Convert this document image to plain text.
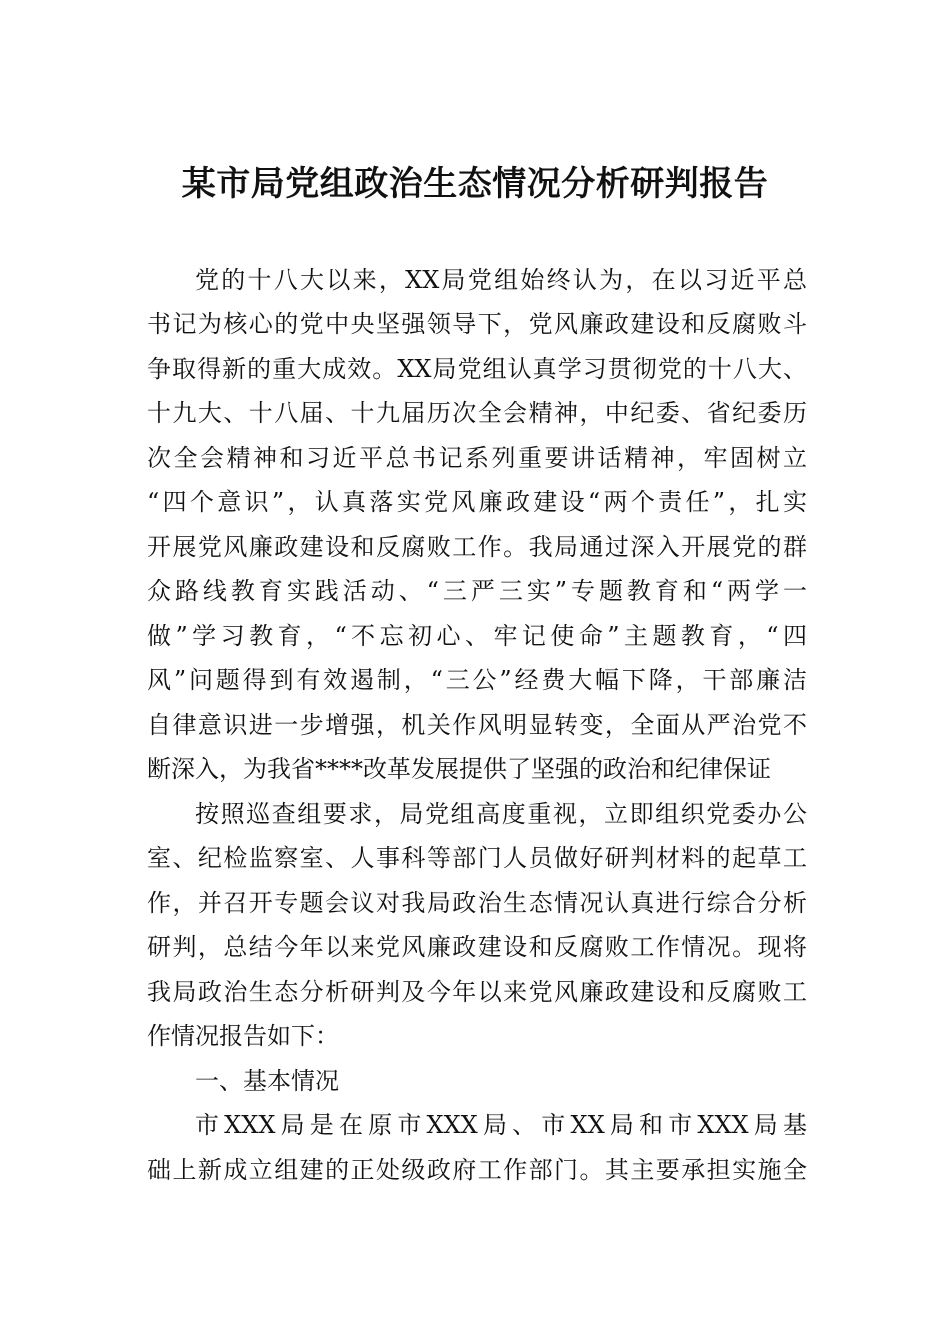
某市局党组政治生态情况分析研判报告
党的十八大以来，XX局党组始终认为，在以习近平总
书记为核心的党中央坚强领导下，党风廉政建设和反腐败斗
争取得新的重大成效。XX局党组认真学习贯彻党的十八大、
十九大、十八届、十九届历次全会精神，中纪委、省纪委历
次全会精神和习近平总书记系列重要讲话精神，牢固树立
“四个意识”，认真落实党风廉政建设“两个责任”，扎实
开展党风廉政建设和反腐败工作。我局通过深入开展党的群
众路线教育实践活动、“三严三实”专题教育和“两学一
做”学习教育，“不忘初心、牢记使命”主题教育，“四
风”问题得到有效遏制，“三公”经费大幅下降，干部廉洁
自律意识进一步增强，机关作风明显转变，全面从严治党不
断深入，为我省****改革发展提供了坚强的政治和纪律保证
按照巡查组要求，局党组高度重视，立即组织党委办公
室、纪检监察室、人事科等部门人员做好研判材料的起草工
作，并召开专题会议对我局政治生态情况认真进行综合分析
研判，总结今年以来党风廉政建设和反腐败工作情况。现将
我局政治生态分析研判及今年以来党风廉政建设和反腐败工
作情况报告如下：
一、基本情况
市XXX局是在原市XXX局、市XX局和市XXX局基
础上新成立组建的正处级政府工作部门。其主要承担实施全
